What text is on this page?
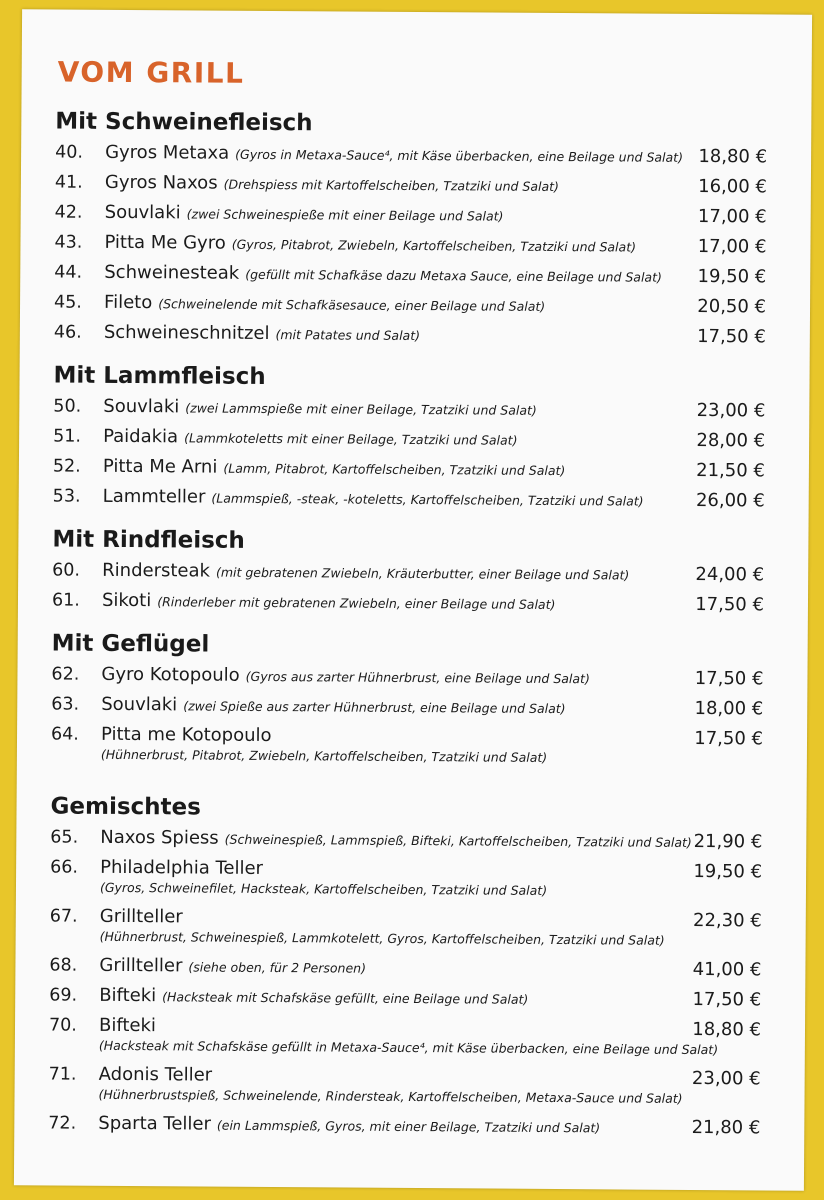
VOM GRILL
Mit Schweinefleisch
40.	Gyros Metaxa (Gyros in Metaxa-Sauce⁴, mit Käse überbacken, eine Beilage und Salat) 18,80 €
41.	Gyros Naxos (Drehspiess mit Kartoffelscheiben, Tzatziki und Salat)	16,00 €
42.	Souvlaki (zwei Schweinespieße mit einer Beilage und Salat)	17,00 €
43.	Pitta Me Gyro (Gyros, Pitabrot, Zwiebeln, Kartoffelscheiben, Tzatziki und Salat)	17,00 €
44.	Schweinesteak (gefüllt mit Schafkäse dazu Metaxa Sauce, eine Beilage und Salat)	19,50 €
45.	Fileto (Schweinelende mit Schafkäsesauce, einer Beilage und Salat)	20,50 €
46.	Schweineschnitzel (mit Patates und Salat)	17,50 €
Mit Lammfleisch
50.	Souvlaki (zwei Lammspieße mit einer Beilage, Tzatziki und Salat)	23,00 €
51.	Paidakia (Lammkoteletts mit einer Beilage, Tzatziki und Salat)	28,00 €
52.	Pitta Me Arni (Lamm, Pitabrot, Kartoffelscheiben, Tzatziki und Salat)	21,50 €
53.	Lammteller (Lammspieß, -steak, -koteletts, Kartoffelscheiben, Tzatziki und Salat)	26,00 €
Mit Rindfleisch
60.	Rindersteak (mit gebratenen Zwiebeln, Kräuterbutter, einer Beilage und Salat)	24,00 €
61.	Sikoti (Rinderleber mit gebratenen Zwiebeln, einer Beilage und Salat)	17,50 €
Mit Geflügel
62.	Gyro Kotopoulo (Gyros aus zarter Hühnerbrust, eine Beilage und Salat)	17,50 €
63.	Souvlaki (zwei Spieße aus zarter Hühnerbrust, eine Beilage und Salat)	18,00 €
64.	Pitta me Kotopoulo
(Hühnerbrust, Pitabrot, Zwiebeln, Kartoffelscheiben, Tzatziki und Salat)
17,50 €
Gemischtes
65.	Naxos Spiess (Schweinespieß, Lammspieß, Bifteki, Kartoffelscheiben, Tzatziki und Salat) 21,90 €
66.	Philadelphia Teller
(Gyros, Schweinefilet, Hacksteak, Kartoffelscheiben, Tzatziki und Salat)
19,50 €
67.	Grillteller
(Hühnerbrust, Schweinespieß, Lammkotelett, Gyros, Kartoffelscheiben, Tzatziki und Salat)
22,30 €
68.	Grillteller (siehe oben, für 2 Personen)	41,00 €
69.	Bifteki (Hacksteak mit Schafskäse gefüllt, eine Beilage und Salat)	17,50 €
70.	Bifteki
(Hacksteak mit Schafskäse gefüllt in Metaxa-Sauce⁴, mit Käse überbacken, eine Beilage und Salat)
18,80 €
71.	Adonis Teller
(Hühnerbrustspieß, Schweinelende, Rindersteak, Kartoffelscheiben, Metaxa-Sauce und Salat)
23,00 €
72.	Sparta Teller (ein Lammspieß, Gyros, mit einer Beilage, Tzatziki und Salat)	21,80 €
